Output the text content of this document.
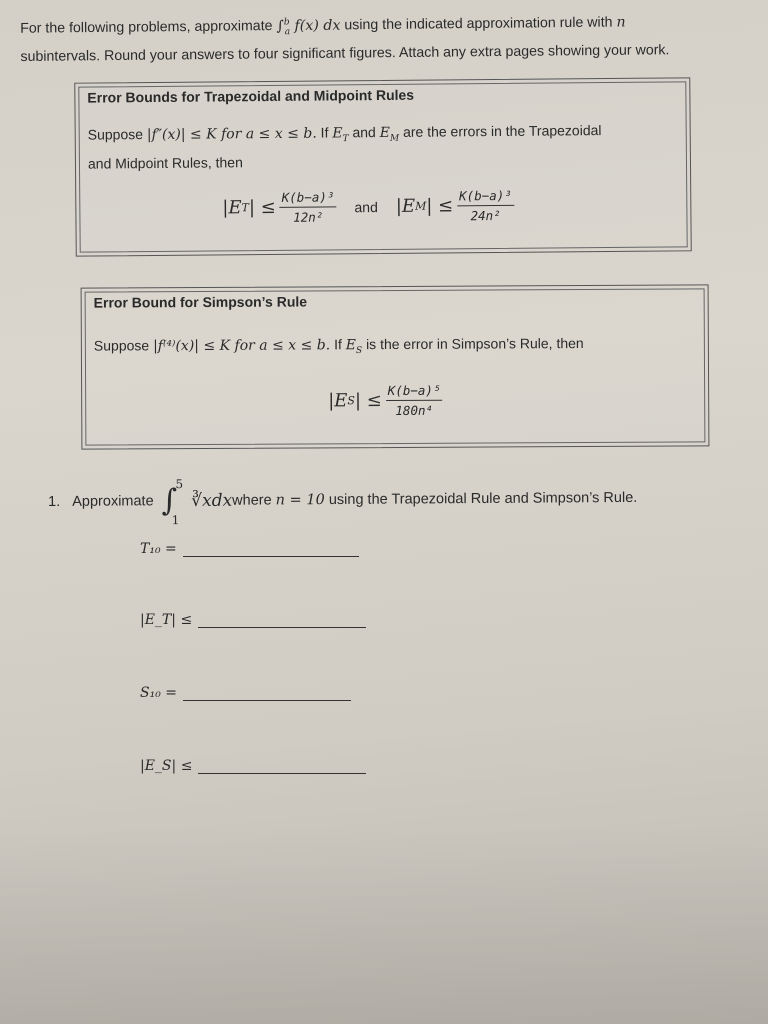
For the following problems, approximate ∫$^b_a$ f(x) dx using the indicated approximation rule with n
subintervals. Round your answers to four significant figures. Attach any extra pages showing your work.
Error Bounds for Trapezoidal and Midpoint Rules
Suppose |f″(x)| ≤ K for a ≤ x ≤ b. If $E_T$ and $E_M$ are the errors in the Trapezoidal
and Midpoint Rules, then
|E T | ≤ $\frac{\text{K(b−a)³}}{\text{12n²}}$ and |E M | ≤ $\frac{\text{K(b−a)³}}{\text{24n²}}$
Error Bound for Simpson’s Rule
Suppose |f⁽⁴⁾(x)| ≤ K for a ≤ x ≤ b. If $E_S$ is the error in Simpson’s Rule, then
|E S | ≤ $\frac{\text{K(b−a)⁵}}{\text{180n⁴}}$
1. Approximate ∫
5
1
∛xdx where n = 10 using the Trapezoidal Rule and Simpson’s Rule.
T₁₀ =
|E_T| ≤
S₁₀ =
|E_S| ≤
